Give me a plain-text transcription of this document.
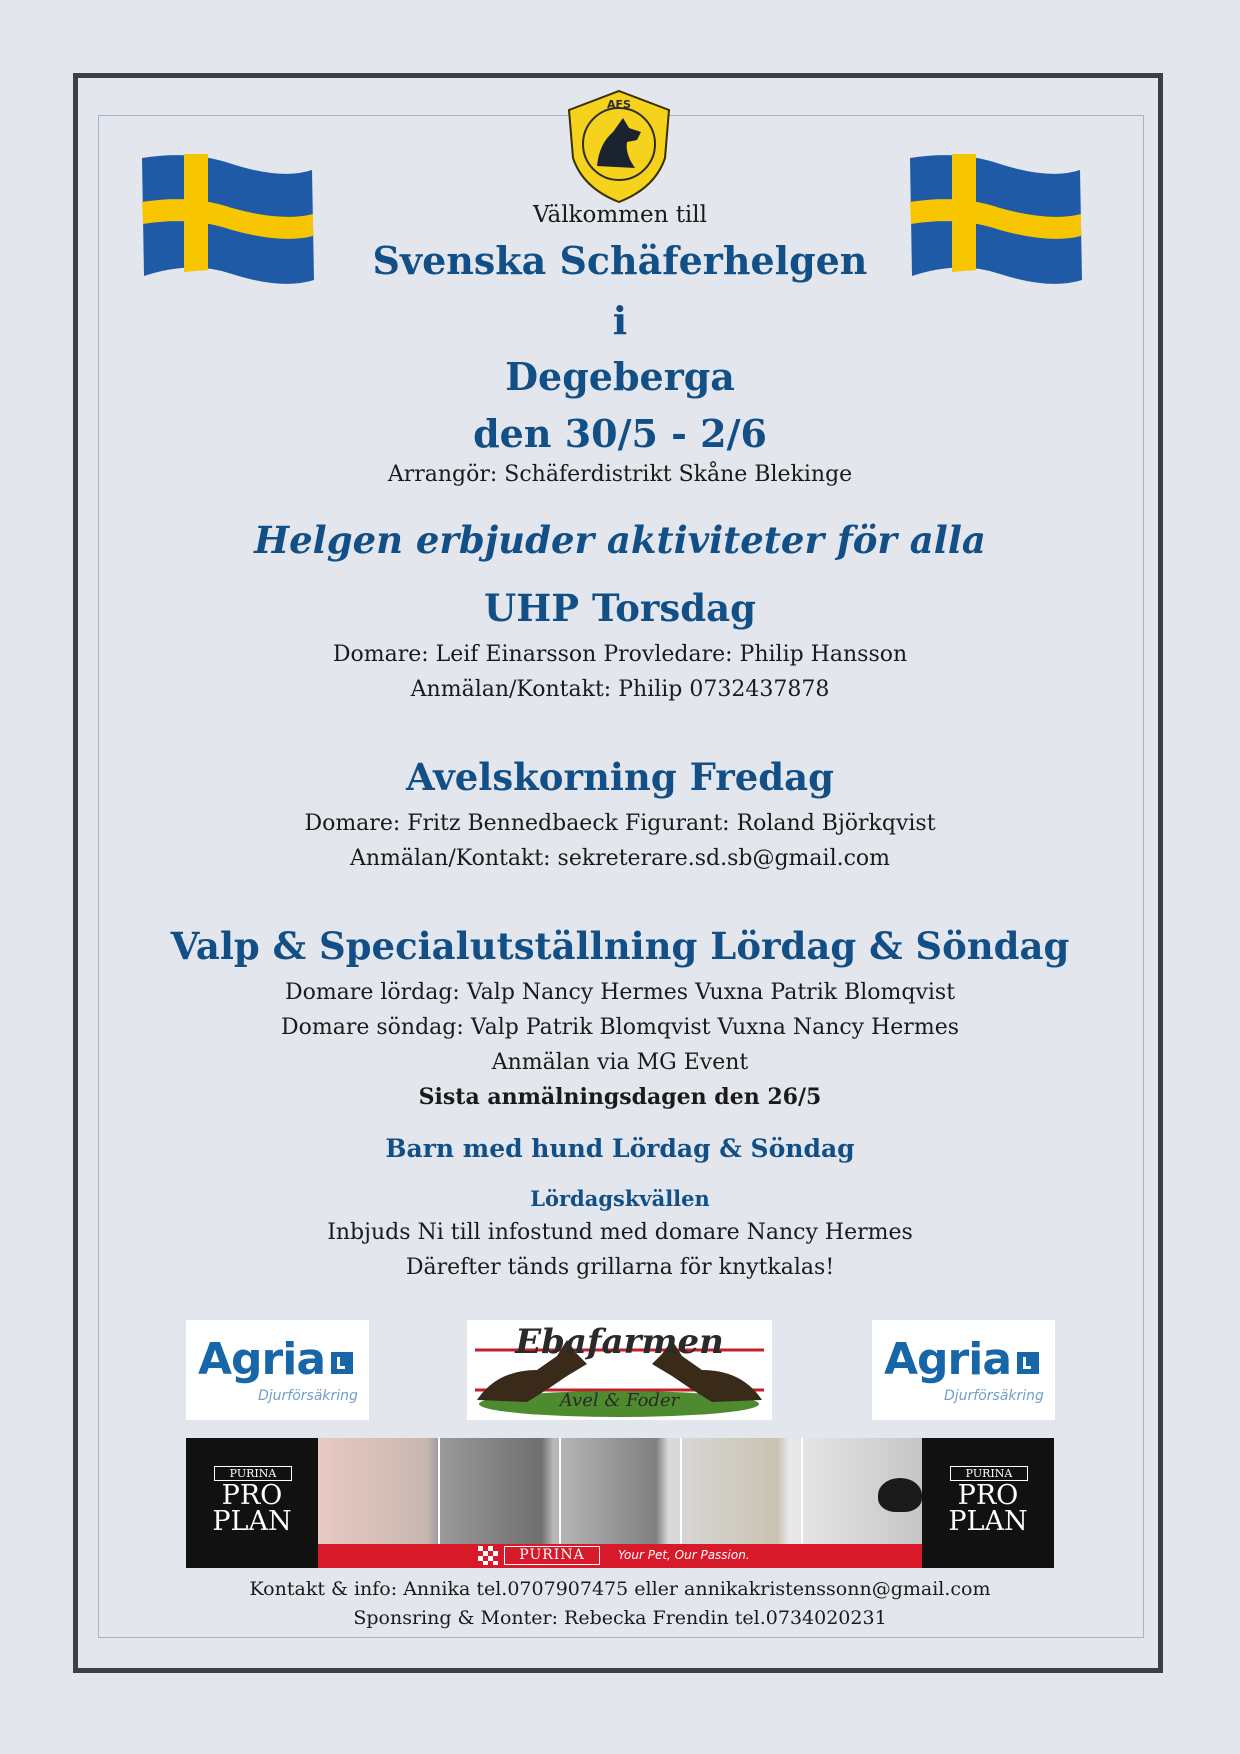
AFS
Välkommen till
Svenska Schäferhelgen
i
Degeberga
den 30/5 - 2/6
Arrangör: Schäferdistrikt Skåne Blekinge
Helgen erbjuder aktiviteter för alla
UHP Torsdag
Domare: Leif Einarsson Provledare: Philip Hansson
Anmälan/Kontakt: Philip 0732437878
Avelskorning Fredag
Domare: Fritz Bennedbaeck Figurant: Roland Björkqvist
Anmälan/Kontakt: sekreterare.sd.sb@gmail.com
Valp & Specialutställning Lördag & Söndag
Domare lördag: Valp Nancy Hermes Vuxna Patrik Blomqvist
Domare söndag: Valp Patrik Blomqvist Vuxna Nancy Hermes
Anmälan via MG Event
Sista anmälningsdagen den 26/5
Barn med hund Lördag & Söndag
Lördagskvällen
Inbjuds Ni till infostund med domare Nancy Hermes
Därefter tänds grillarna för knytkalas!
Agria
Djurförsäkring
Ebafarmen
Avel & Foder
Agria
Djurförsäkring
PURINA
PRO
PLAN
PURINA	Your Pet, Our Passion.
PURINA
PRO
PLAN
Kontakt & info: Annika tel.0707907475 eller annikakristenssonn@gmail.com
Sponsring & Monter: Rebecka Frendin tel.0734020231
